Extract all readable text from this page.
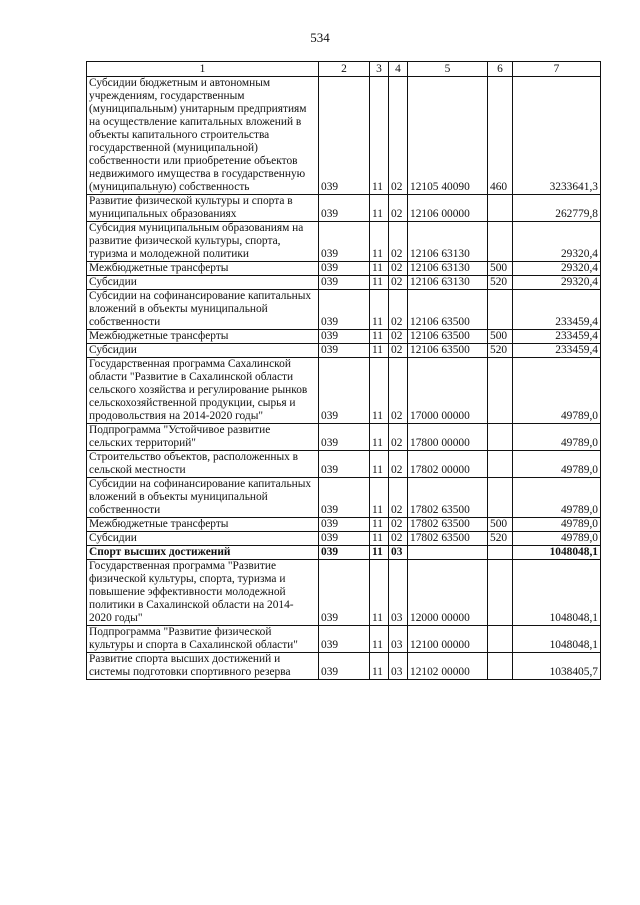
534
1	2	3	4	5	6	7
Субсидии бюджетным и автономным учреждениям, государственным (муниципальным) унитарным предприятиям на осуществление капитальных вложений в объекты капитального строительства государственной (муниципальной) собственности или приобретение объектов недвижимого имущества в государственную (муниципальную) собственность	039	11	02	12105 40090	460	3233641,3
Развитие физической культуры и спорта в муниципальных образованиях	039	11	02	12106 00000		262779,8
Субсидия муниципальным образованиям на развитие физической культуры, спорта, туризма и молодежной политики	039	11	02	12106 63130		29320,4
Межбюджетные трансферты	039	11	02	12106 63130	500	29320,4
Субсидии	039	11	02	12106 63130	520	29320,4
Субсидии на софинансирование капитальных вложений в объекты муниципальной собственности	039	11	02	12106 63500		233459,4
Межбюджетные трансферты	039	11	02	12106 63500	500	233459,4
Субсидии	039	11	02	12106 63500	520	233459,4
Государственная программа Сахалинской области "Развитие в Сахалинской области сельского хозяйства и регулирование рынков сельскохозяйственной продукции, сырья и продовольствия на 2014-2020 годы"	039	11	02	17000 00000		49789,0
Подпрограмма "Устойчивое развитие сельских территорий"	039	11	02	17800 00000		49789,0
Строительство объектов, расположенных в сельской местности	039	11	02	17802 00000		49789,0
Субсидии на софинансирование капитальных вложений в объекты муниципальной собственности	039	11	02	17802 63500		49789,0
Межбюджетные трансферты	039	11	02	17802 63500	500	49789,0
Субсидии	039	11	02	17802 63500	520	49789,0
Спорт высших достижений	039	11	03			1048048,1
Государственная программа "Развитие физической культуры, спорта, туризма и повышение эффективности молодежной политики в Сахалинской области на 2014-2020 годы"	039	11	03	12000 00000		1048048,1
Подпрограмма "Развитие физической культуры и спорта в Сахалинской области"	039	11	03	12100 00000		1048048,1
Развитие спорта высших достижений и системы подготовки спортивного резерва	039	11	03	12102 00000		1038405,7
